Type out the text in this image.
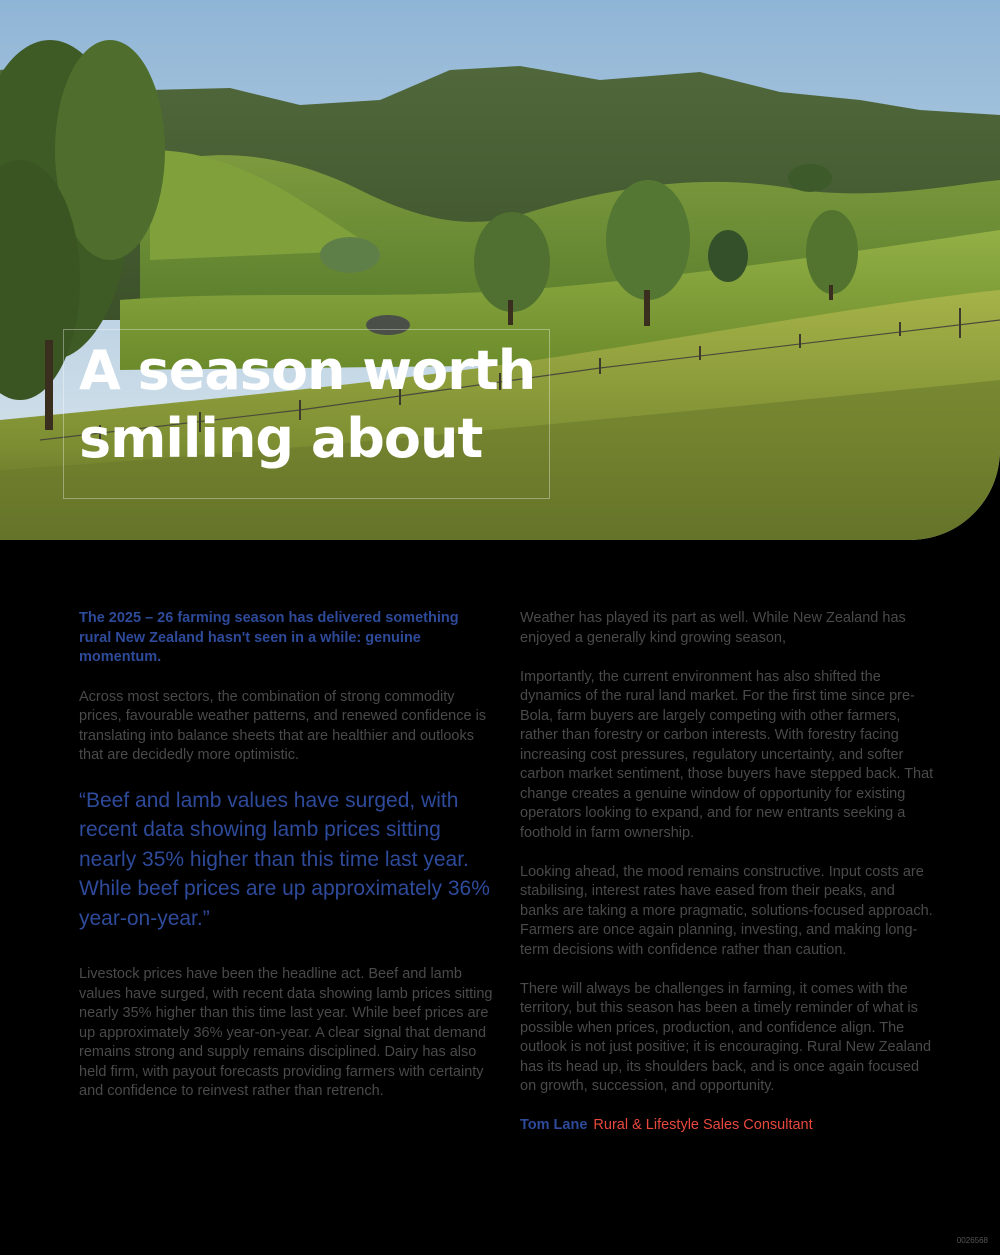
A season worth
smiling about

The 2025 – 26 farming season has delivered something rural New Zealand hasn't seen in a while: genuine momentum.

Across most sectors, the combination of strong commodity prices, favourable weather patterns, and renewed confidence is translating into balance sheets that are healthier and outlooks that are decidedly more optimistic.

“Beef and lamb values have surged, with recent data showing lamb prices sitting nearly 35% higher than this time last year. While beef prices are up approximately 36% year-on-year.”

Livestock prices have been the headline act. Beef and lamb values have surged, with recent data showing lamb prices sitting nearly 35% higher than this time last year. While beef prices are up approximately 36% year-on-year. A clear signal that demand remains strong and supply remains disciplined. Dairy has also held firm, with payout forecasts providing farmers with certainty and confidence to reinvest rather than retrench.

Weather has played its part as well. While New Zealand has enjoyed a generally kind growing season,

Importantly, the current environment has also shifted the dynamics of the rural land market. For the first time since pre-Bola, farm buyers are largely competing with other farmers, rather than forestry or carbon interests. With forestry facing increasing cost pressures, regulatory uncertainty, and softer carbon market sentiment, those buyers have stepped back. That change creates a genuine window of opportunity for existing operators looking to expand, and for new entrants seeking a foothold in farm ownership.

Looking ahead, the mood remains constructive. Input costs are stabilising, interest rates have eased from their peaks, and banks are taking a more pragmatic, solutions-focused approach. Farmers are once again planning, investing, and making long-term decisions with confidence rather than caution.

There will always be challenges in farming, it comes with the territory, but this season has been a timely reminder of what is possible when prices, production, and confidence align. The outlook is not just positive; it is encouraging. Rural New Zealand has its head up, its shoulders back, and is once again focused on growth, succession, and opportunity.

Tom Lane Rural & Lifestyle Sales Consultant

0026568
